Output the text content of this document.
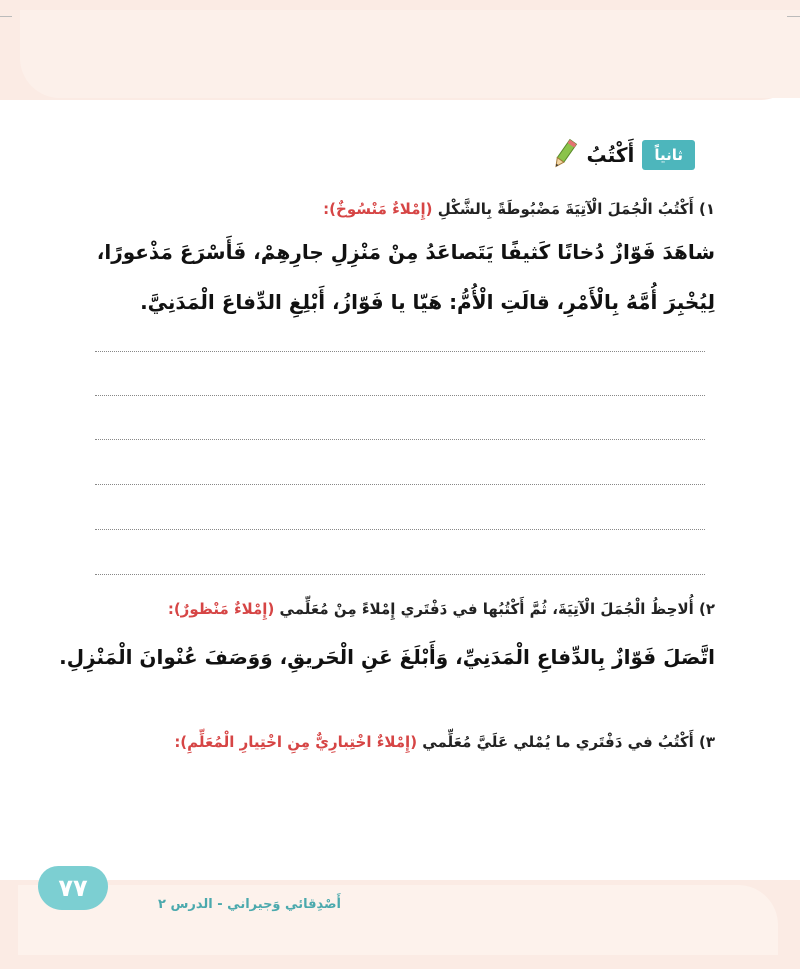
ثانياً
أَكْتُبُ
١) أَكْتُبُ الْجُمَلَ الْآتِيَةَ مَضْبُوطَةً بِالشَّكْلِ (إِمْلاءٌ مَنْسُوخٌ):
شاهَدَ فَوّازٌ دُخانًا كَثيفًا يَتَصاعَدُ مِنْ مَنْزِلِ جارِهِمْ، فَأَسْرَعَ مَذْعورًا،
لِيُخْبِرَ أُمَّهُ بِالْأَمْرِ، قالَتِ الْأُمُّ: هَيّا يا فَوّازُ، أَبْلِغِ الدِّفاعَ الْمَدَنِيَّ.
٢) أُلاحِظُ الْجُمَلَ الْآتِيَةَ، ثُمَّ أَكْتُبُها في دَفْتَري إِمْلاءً مِنْ مُعَلِّمي (إِمْلاءٌ مَنْظورٌ):
اتَّصَلَ فَوّازٌ بِالدِّفاعِ الْمَدَنِيِّ، وَأَبْلَغَ عَنِ الْحَريقِ، وَوَصَفَ عُنْوانَ الْمَنْزِلِ.
٣) أَكْتُبُ في دَفْتَري ما يُمْلي عَلَيَّ مُعَلِّمي (إِمْلاءٌ اخْتِبارِيٌّ مِنِ اخْتِيارِ الْمُعَلِّمِ):
٧٧
أَصْدِقائي وَجيراني - الدرس ٢
